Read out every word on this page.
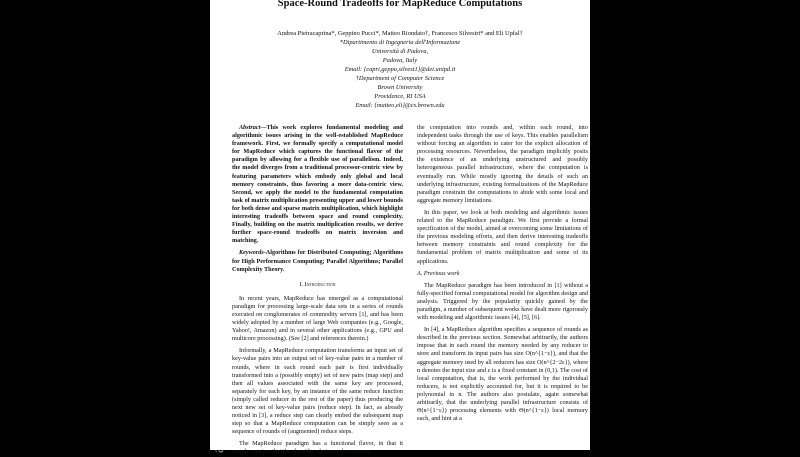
Space-Round Tradeoffs for MapReduce Computations
Andrea Pietracaprina*, Geppino Pucci*, Matteo Riondato†, Francesco Silvestri* and Eli Upfal†
*Dipartimento di Ingegneria dell'Informazione
Università di Padova,
Padova, Italy
Email: {capri,geppo,silvest1}@dei.unipd.it
†Department of Computer Science
Brown University
Providence, RI USA
Email: {matteo,eli}@cs.brown.edu

Abstract—This work explores fundamental modeling and algorithmic issues arising in the well-established MapReduce framework. First, we formally specify a computational model for MapReduce which captures the functional flavor of the paradigm by allowing for a flexible use of parallelism. Indeed, the model diverges from a traditional processor-centric view by featuring parameters which embody only global and local memory constraints, thus favoring a more data-centric view. Second, we apply the model to the fundamental computation task of matrix multiplication presenting upper and lower bounds for both dense and sparse matrix multiplication, which highlight interesting tradeoffs between space and round complexity. Finally, building on the matrix multiplication results, we derive further space-round tradeoffs on matrix inversion and matching.

Keywords-Algorithms for Distributed Computing; Algorithms for High Performance Computing; Parallel Algorithms; Parallel Complexity Theory.

I. Introduction

In recent years, MapReduce has emerged as a computational paradigm for processing large-scale data sets in a series of rounds executed on conglomerates of commodity servers [1], and has been widely adopted by a number of large Web companies (e.g., Google, Yahoo!, Amazon) and in several other applications (e.g., GPU and multicore processing). (See [2] and references therein.)

Informally, a MapReduce computation transforms an input set of key-value pairs into an output set of key-value pairs in a number of rounds, where in each round each pair is first individually transformed into a (possibly empty) set of new pairs (map step) and then all values associated with the same key are processed, separately for each key, by an instance of the same reduce function (simply called reducer in the rest of the paper) thus producing the next new set of key-value pairs (reduce step). In fact, as already noticed in [3], a reduce step can clearly embed the subsequent map step so that a MapReduce computation can be simply seen as a sequence of rounds of (augmented) reduce steps.

The MapReduce paradigm has a functional flavor, in that it merely requires that the algorithm designer decomposes

the computation into rounds and, within each round, into independent tasks through the use of keys. This enables parallelism without forcing an algorithm to cater for the explicit allocation of processing resources. Nevertheless, the paradigm implicitly posits the existence of an underlying unstructured and possibly heterogeneous parallel infrastructure, where the computation is eventually run. While mostly ignoring the details of such an underlying infrastructure, existing formalizations of the MapReduce paradigm constrain the computations to abide with some local and aggregate memory limitations.

In this paper, we look at both modeling and algorithmic issues related to the MapReduce paradigm. We first provide a formal specification of the model, aimed at overcoming some limitations of the previous modeling efforts, and then derive interesting tradeoffs between memory constraints and round complexity for the fundamental problem of matrix multiplication and some of its applications.

A. Previous work

The MapReduce paradigm has been introduced in [1] without a fully-specified formal computational model for algorithm design and analysis. Triggered by the popularity quickly gained by the paradigm, a number of subsequent works have dealt more rigorously with modeling and algorithmic issues [4], [5], [6].

In [4], a MapReduce algorithm specifies a sequence of rounds as described in the previous section. Somewhat arbitrarily, the authors impose that in each round the memory needed by any reducer to store and transform its input pairs has size O(n^{1−ε}), and that the aggregate memory used by all reducers has size O(n^{2−2ε}), where n denotes the input size and ε is a fixed constant in (0,1). The cost of local computation, that is, the work performed by the individual reducers, is not explicitly accounted for, but it is required to be polynomial in n. The authors also postulate, again somewhat arbitrarily, that the underlying parallel infrastructure consists of Θ(n^{1−ε}) processing elements with Θ(n^{1−ε}) local memory each, and hint at a
